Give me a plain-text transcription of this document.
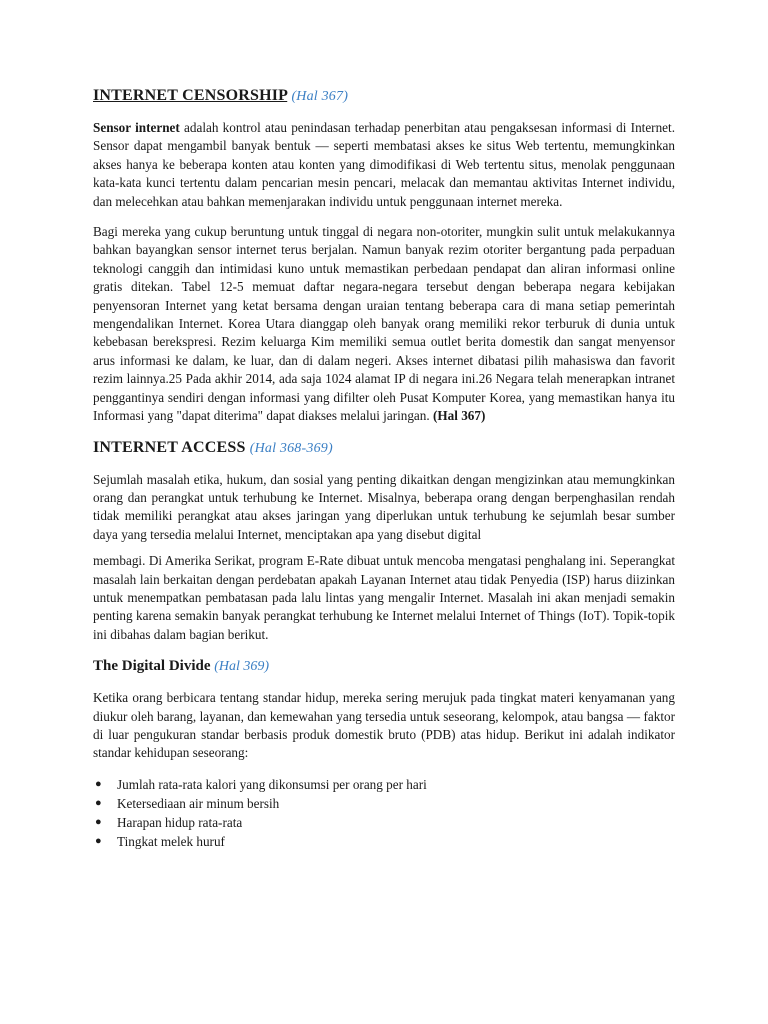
INTERNET CENSORSHIP (Hal 367)

Sensor internet adalah kontrol atau penindasan terhadap penerbitan atau pengaksesan informasi di Internet. Sensor dapat mengambil banyak bentuk — seperti membatasi akses ke situs Web tertentu, memungkinkan akses hanya ke beberapa konten atau konten yang dimodifikasi di Web tertentu situs, menolak penggunaan kata-kata kunci tertentu dalam pencarian mesin pencari, melacak dan memantau aktivitas Internet individu, dan melecehkan atau bahkan memenjarakan individu untuk penggunaan internet mereka.

Bagi mereka yang cukup beruntung untuk tinggal di negara non-otoriter, mungkin sulit untuk melakukannya bahkan bayangkan sensor internet terus berjalan. Namun banyak rezim otoriter bergantung pada perpaduan teknologi canggih dan intimidasi kuno untuk memastikan perbedaan pendapat dan aliran informasi online gratis ditekan. Tabel 12-5 memuat daftar negara-negara tersebut dengan beberapa negara kebijakan penyensoran Internet yang ketat bersama dengan uraian tentang beberapa cara di mana setiap pemerintah mengendalikan Internet. Korea Utara dianggap oleh banyak orang memiliki rekor terburuk di dunia untuk kebebasan berekspresi. Rezim keluarga Kim memiliki semua outlet berita domestik dan sangat menyensor arus informasi ke dalam, ke luar, dan di dalam negeri. Akses internet dibatasi pilih mahasiswa dan favorit rezim lainnya.25 Pada akhir 2014, ada saja 1024 alamat IP di negara ini.26 Negara telah menerapkan intranet penggantinya sendiri dengan informasi yang difilter oleh Pusat Komputer Korea, yang memastikan hanya itu Informasi yang "dapat diterima" dapat diakses melalui jaringan. (Hal 367)

INTERNET ACCESS (Hal 368-369)

Sejumlah masalah etika, hukum, dan sosial yang penting dikaitkan dengan mengizinkan atau memungkinkan orang dan perangkat untuk terhubung ke Internet. Misalnya, beberapa orang dengan berpenghasilan rendah tidak memiliki perangkat atau akses jaringan yang diperlukan untuk terhubung ke sejumlah besar sumber daya yang tersedia melalui Internet, menciptakan apa yang disebut digital

membagi. Di Amerika Serikat, program E-Rate dibuat untuk mencoba mengatasi penghalang ini. Seperangkat masalah lain berkaitan dengan perdebatan apakah Layanan Internet atau tidak Penyedia (ISP) harus diizinkan untuk menempatkan pembatasan pada lalu lintas yang mengalir Internet. Masalah ini akan menjadi semakin penting karena semakin banyak perangkat terhubung ke Internet melalui Internet of Things (IoT). Topik-topik ini dibahas dalam bagian berikut.

The Digital Divide (Hal 369)

Ketika orang berbicara tentang standar hidup, mereka sering merujuk pada tingkat materi kenyamanan yang diukur oleh barang, layanan, dan kemewahan yang tersedia untuk seseorang, kelompok, atau bangsa — faktor di luar pengukuran standar berbasis produk domestik bruto (PDB) atas hidup. Berikut ini adalah indikator standar kehidupan seseorang:

● Jumlah rata-rata kalori yang dikonsumsi per orang per hari
● Ketersediaan air minum bersih
● Harapan hidup rata-rata
● Tingkat melek huruf
